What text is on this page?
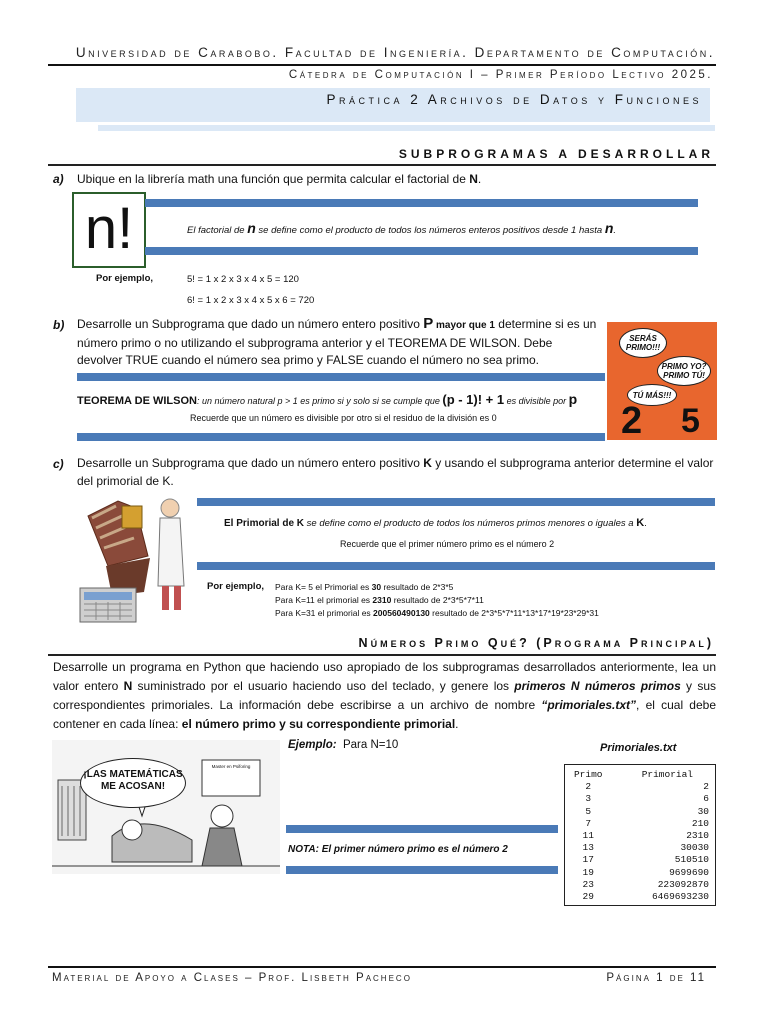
Universidad de Carabobo. Facultad de Ingeniería. Departamento de Computación.
Cátedra de Computación I – Primer Período Lectivo 2025.
Práctica 2 Archivos de Datos y Funciones
SUBPROGRAMAS A DESARROLLAR
a) Ubique en la librería math una función que permita calcular el factorial de N.
n!	El factorial de n se define como el producto de todos los números enteros positivos desde 1 hasta n.
Por ejemplo,	5! = 1 x 2 x 3 x 4 x 5 = 120
6! = 1 x 2 x 3 x 4 x 5 x 6 = 720
b) Desarrolle un Subprograma que dado un número entero positivo P mayor que 1 determine si es un número primo o no utilizando el subprograma anterior y el TEOREMA DE WILSON. Debe devolver TRUE cuando el número sea primo y FALSE cuando el número no sea primo.
SERÁS PRIMO!!!
PRIMO YO? PRIMO TÚ!
TÚ MÁS!!!
2 5
TEOREMA DE WILSON: un número natural p > 1 es primo si y solo si se cumple que (p - 1)! + 1 es divisible por p
Recuerde que un número es divisible por otro si el residuo de la división es 0
c) Desarrolle un Subprograma que dado un número entero positivo K y usando el subprograma anterior determine el valor del primorial de K.
El Primorial de K se define como el producto de todos los números primos menores o iguales a K.
Recuerde que el primer número primo es el número 2
Por ejemplo, Para K= 5 el Primorial es 30 resultado de 2*3*5
Para K=11 el primorial es 2310 resultado de 2*3*5*7*11
Para K=31 el primorial es 200560490130 resultado de 2*3*5*7*11*13*17*19*23*29*31
Números Primo Qué? (Programa Principal)
Desarrolle un programa en Python que haciendo uso apropiado de los subprogramas desarrollados anteriormente, lea un valor entero N suministrado por el usuario haciendo uso del teclado, y genere los primeros N números primos y sus correspondientes primoriales. La información debe escribirse a un archivo de nombre “primoriales.txt”, el cual debe contener en cada línea: el número primo y su correspondiente primorial.
¡LAS MATEMÁTICAS ME ACOSAN!
Master en Psiforing
Ejemplo: Para N=10
NOTA: El primer número primo es el número 2
Primoriales.txt
Primo	Primorial
2	2
3	6
5	30
7	210
11	2310
13	30030
17	510510
19	9699690
23	223092870
29	6469693230
Material de Apoyo a Clases – Prof. Lisbeth Pacheco	Página 1 de 11
